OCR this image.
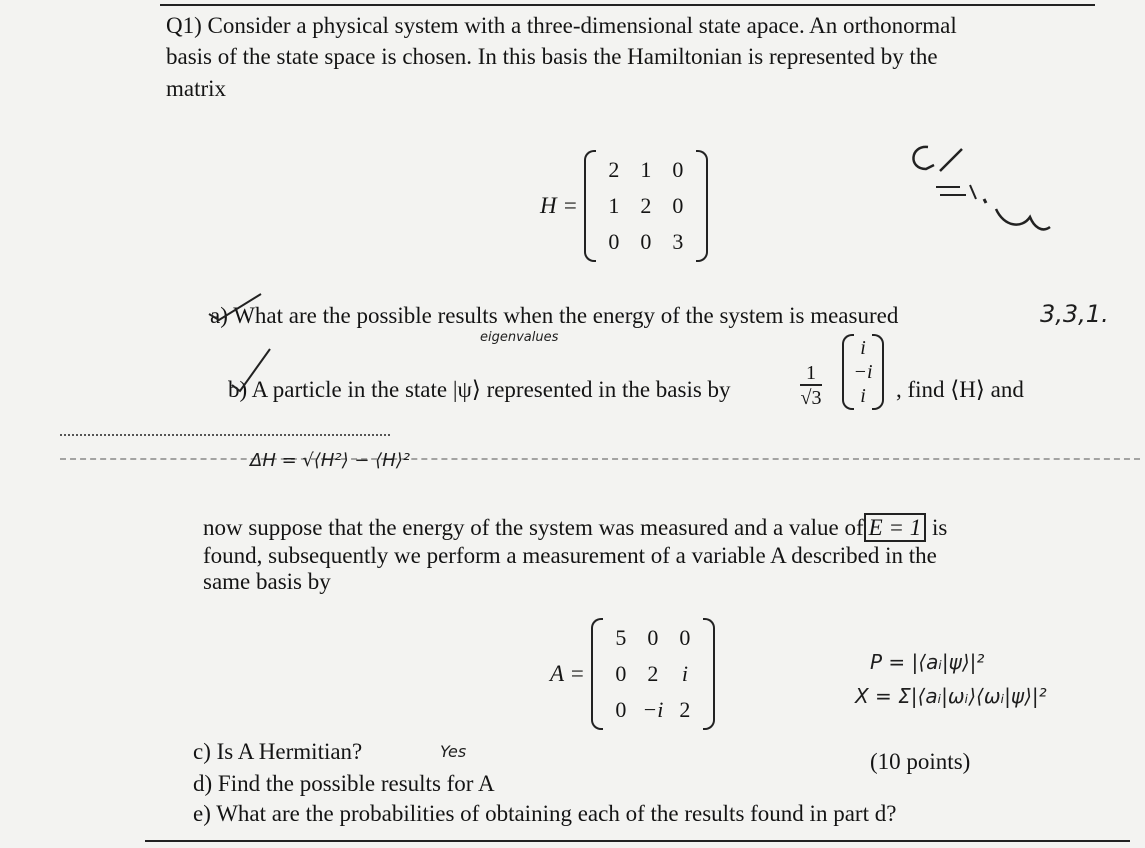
Q1) Consider a physical system with a three-dimensional state apace. An orthonormal
basis of the state space is chosen. In this basis the Hamiltonian is represented by the
matrix
H =
2 1 0
1 2 0
0 0 3
a) What are the possible results when the energy of the system is measured	3,3,1.
eigenvalues
b) A particle in the state |ψ⟩ represented in the basis by	$\frac{1}{√3}$
i
−i
i	, find ⟨H⟩ and
ΔH = √⟨H²⟩ − ⟨H⟩²
now suppose that the energy of the system was measured and a value of E = 1 is
found, subsequently we perform a measurement of a variable A described in the
same basis by
A =
5 0 0
0 2	i
0 −i 2
P = |⟨aᵢ|ψ⟩|²
X = Σ|⟨aᵢ|ωᵢ⟩⟨ωᵢ|ψ⟩|²
c) Is A Hermitian?	Yes	(10 points)
d) Find the possible results for A
e) What are the probabilities of obtaining each of the results found in part d?
